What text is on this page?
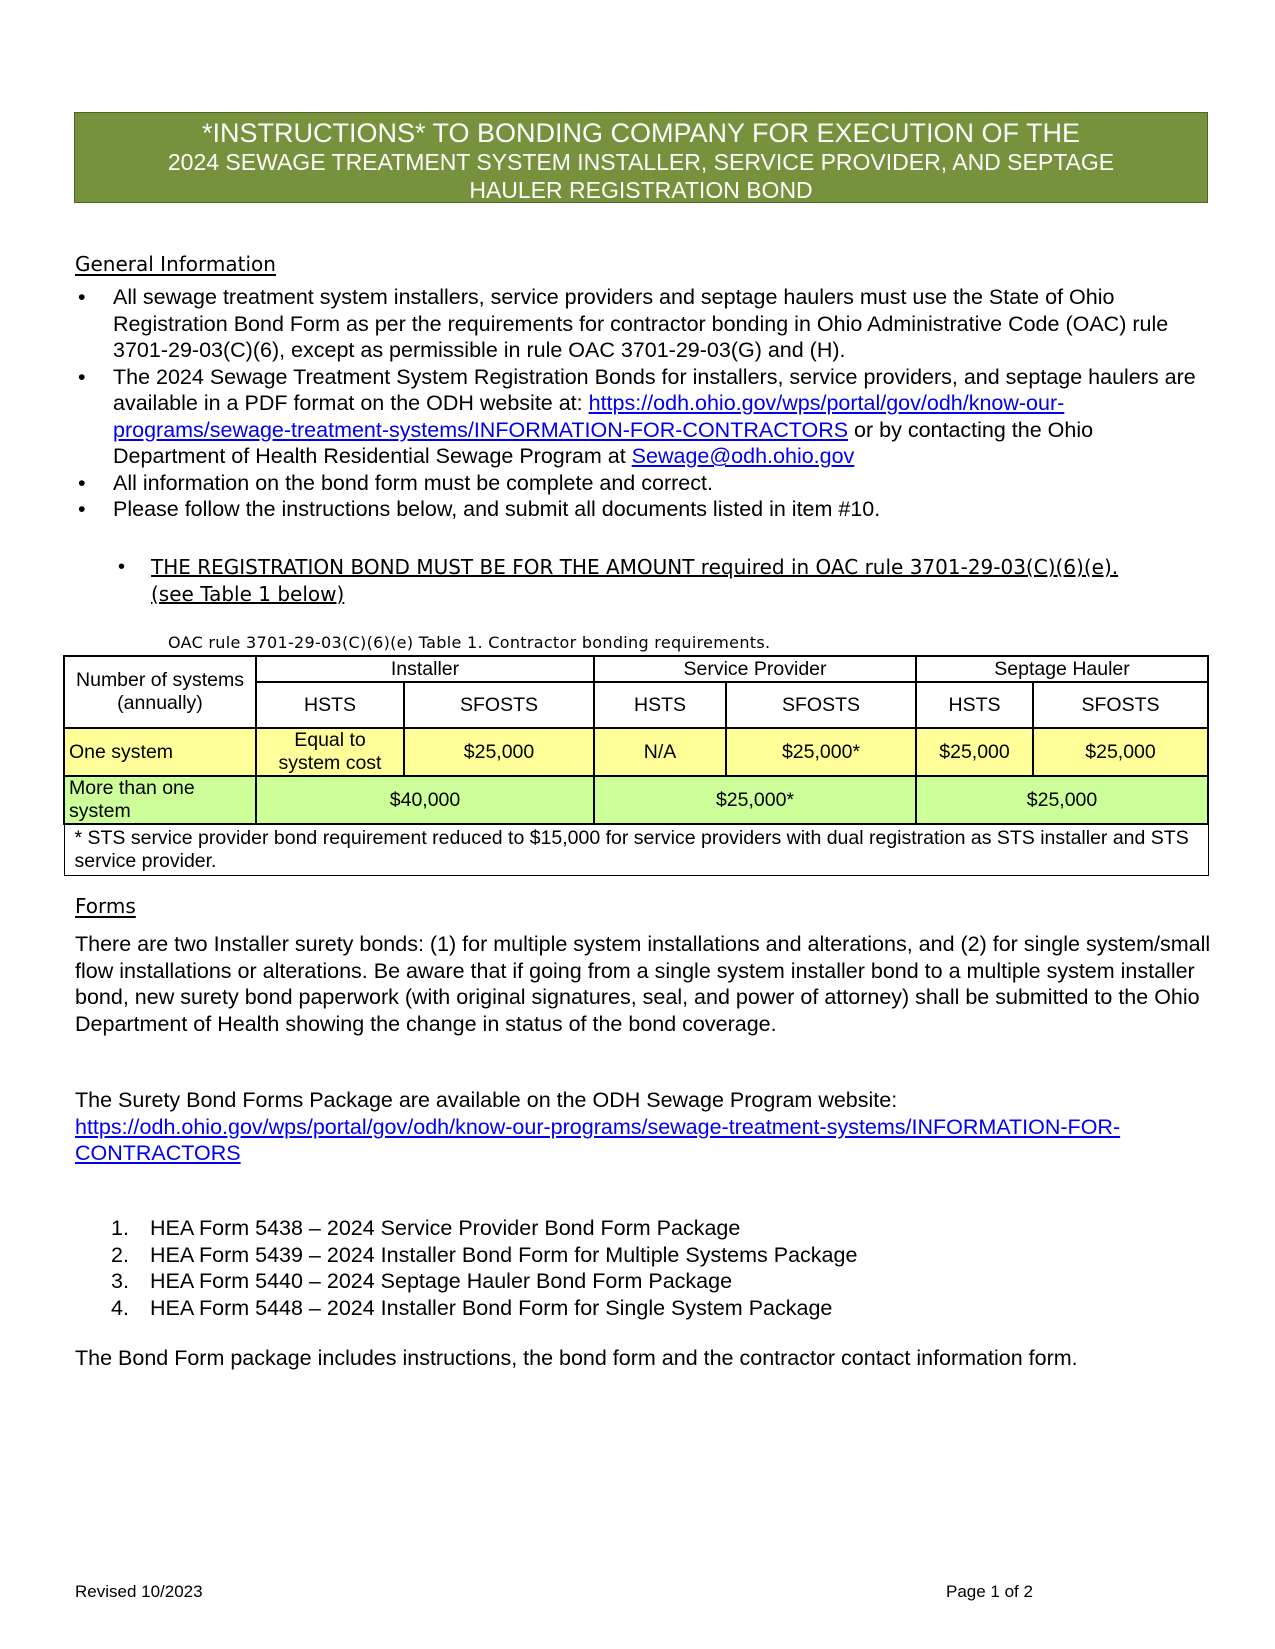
*INSTRUCTIONS* TO BONDING COMPANY FOR EXECUTION OF THE
2024 SEWAGE TREATMENT SYSTEM INSTALLER, SERVICE PROVIDER, AND SEPTAGE
HAULER REGISTRATION BOND
General Information
• All sewage treatment system installers, service providers and septage haulers must use the State of Ohio Registration Bond Form as per the requirements for contractor bonding in Ohio Administrative Code (OAC) rule 3701-29-03(C)(6), except as permissible in rule OAC 3701-29-03(G) and (H).
• The 2024 Sewage Treatment System Registration Bonds for installers, service providers, and septage haulers are available in a PDF format on the ODH website at: https://odh.ohio.gov/wps/portal/gov/odh/know-our-programs/sewage-treatment-systems/INFORMATION-FOR-CONTRACTORS or by contacting the Ohio Department of Health Residential Sewage Program at Sewage@odh.ohio.gov
• All information on the bond form must be complete and correct.
• Please follow the instructions below, and submit all documents listed in item #10.
• THE REGISTRATION BOND MUST BE FOR THE AMOUNT required in OAC rule 3701-29-03(C)(6)(e). (see Table 1 below)
OAC rule 3701-29-03(C)(6)(e) Table 1. Contractor bonding requirements.
Number of systems (annually)	Installer		Service Provider		Septage Hauler	
	HSTS	SFOSTS	HSTS	SFOSTS	HSTS	SFOSTS
One system	Equal to system cost	$25,000	N/A	$25,000*	$25,000	$25,000
More than one system	$40,000		$25,000*		$25,000	
* STS service provider bond requirement reduced to $15,000 for service providers with dual registration as STS installer and STS service provider.						
Forms
There are two Installer surety bonds: (1) for multiple system installations and alterations, and (2) for single system/small flow installations or alterations. Be aware that if going from a single system installer bond to a multiple system installer bond, new surety bond paperwork (with original signatures, seal, and power of attorney) shall be submitted to the Ohio Department of Health showing the change in status of the bond coverage.
The Surety Bond Forms Package are available on the ODH Sewage Program website:
https://odh.ohio.gov/wps/portal/gov/odh/know-our-programs/sewage-treatment-systems/INFORMATION-FOR-CONTRACTORS
1. HEA Form 5438 – 2024 Service Provider Bond Form Package
2. HEA Form 5439 – 2024 Installer Bond Form for Multiple Systems Package
3. HEA Form 5440 – 2024 Septage Hauler Bond Form Package
4. HEA Form 5448 – 2024 Installer Bond Form for Single System Package
The Bond Form package includes instructions, the bond form and the contractor contact information form.
Revised 10/2023	Page 1 of 2
